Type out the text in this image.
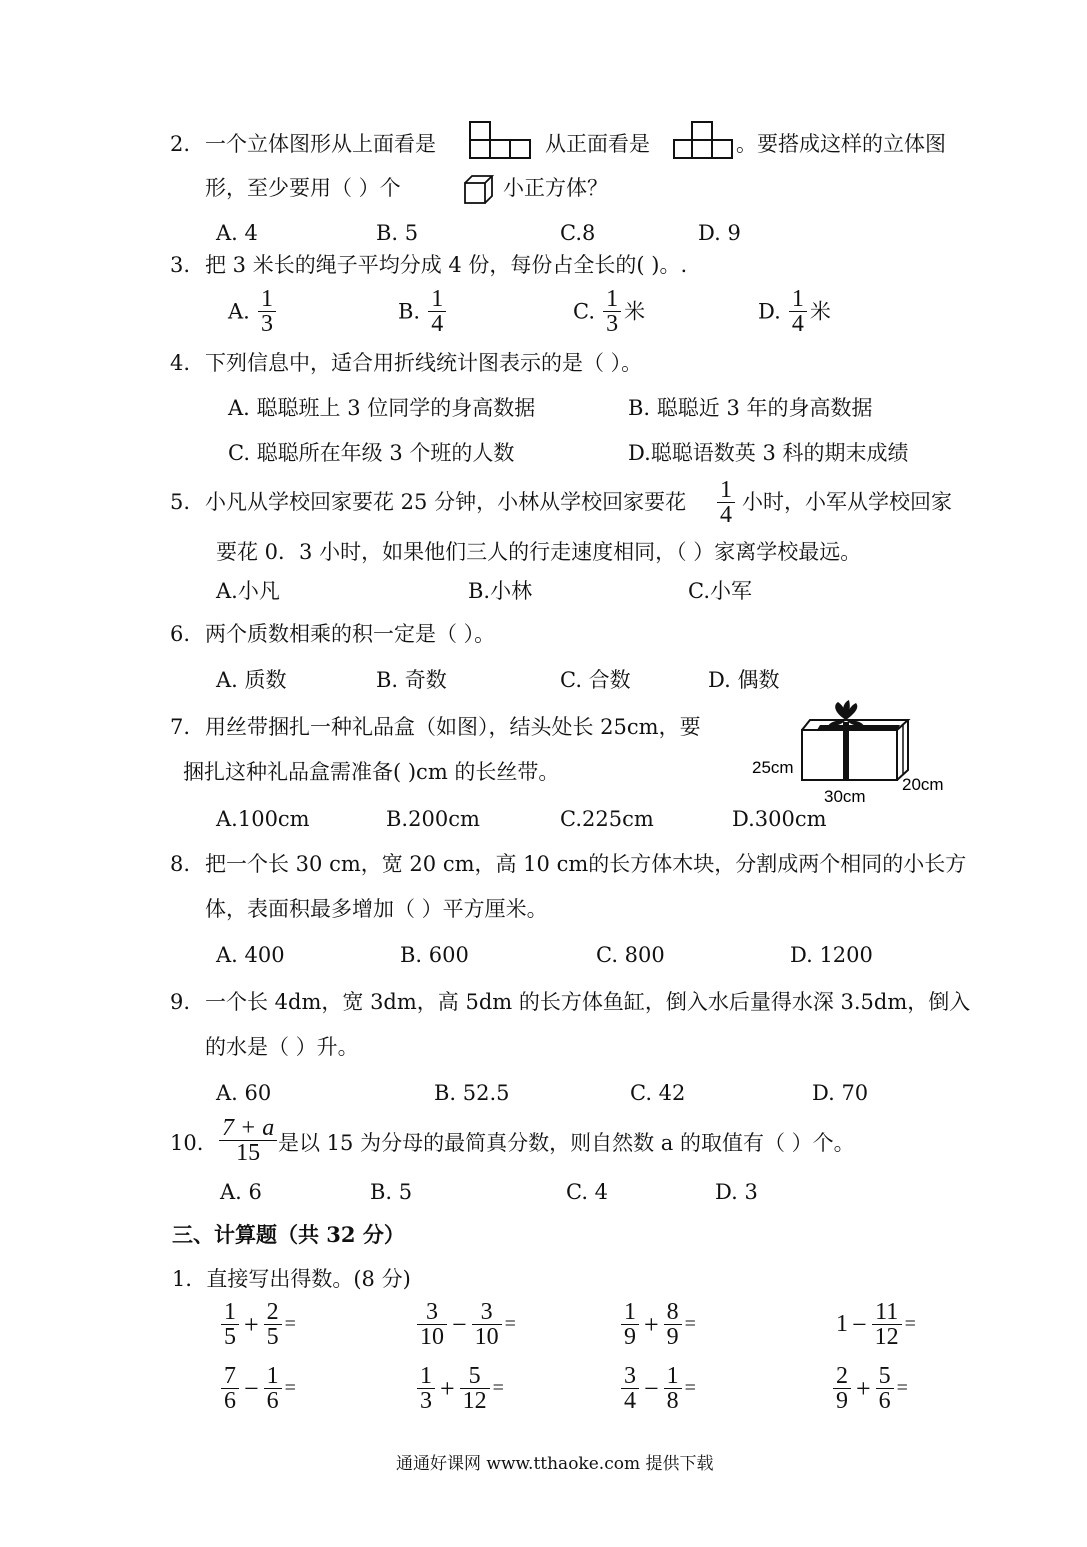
2. 一个立体图形从上面看是	从正面看是	。要搭成这样的立体图
形，至少要用（ ）个	小正方体？
A. 4	B. 5	C.8	D. 9
3. 把 3 米长的绳子平均分成 4 份，每份占全长的( )。.
A. $\frac{1}{3}$	B. $\frac{1}{4}$	C. $\frac{1}{3}$ 米	D. $\frac{1}{4}$ 米
4. 下列信息中，适合用折线统计图表示的是（ ）。
A. 聪聪班上 3 位同学的身高数据	B. 聪聪近 3 年的身高数据
C. 聪聪所在年级 3 个班的人数	D.聪聪语数英 3 科的期末成绩
5. 小凡从学校回家要花 25 分钟，小林从学校回家要花 $\frac{1}{4}$ 小时，小军从学校回家
要花 0．3 小时，如果他们三人的行走速度相同，（ ）家离学校最远。
A.小凡	B.小林	C.小军
6. 两个质数相乘的积一定是（ ）。
A. 质数	B. 奇数	C. 合数	D. 偶数
7. 用丝带捆扎一种礼品盒（如图），结头处长 25cm，要
捆扎这种礼品盒需准备( )cm 的长丝带。	25cm
30cm
20cm
A.100cm	B.200cm	C.225cm	D.300cm
8. 把一个长 30 cm，宽 20 cm，高 10 cm的长方体木块，分割成两个相同的小长方
体，表面积最多增加（ ）平方厘米。
A. 400	B. 600	C. 800	D. 1200
9. 一个长 4dm，宽 3dm，高 5dm 的长方体鱼缸，倒入水后量得水深 3.5dm，倒入
的水是（ ）升。
A. 60	B. 52.5	C. 42	D. 70
10. $\frac{7 + a}{15}$ 是以 15 为分母的最简真分数，则自然数 a 的取值有（ ）个。
A. 6	B. 5	C. 4	D. 3
三、计算题（共 32 分）
1．直接写出得数。(8 分)
$\frac{1}{5} + \frac{2}{5}$ =	$\frac{3}{10} - \frac{3}{10}$ =	$\frac{1}{9} + \frac{8}{9}$ =	$1 - \frac{11}{12}$ =
$\frac{7}{6} - \frac{1}{6}$ =	$\frac{1}{3} + \frac{5}{12}$ =	$\frac{3}{4} - \frac{1}{8}$ =	$\frac{2}{9} + \frac{5}{6}$ =
通通好课网 www.tthaoke.com 提供下载
